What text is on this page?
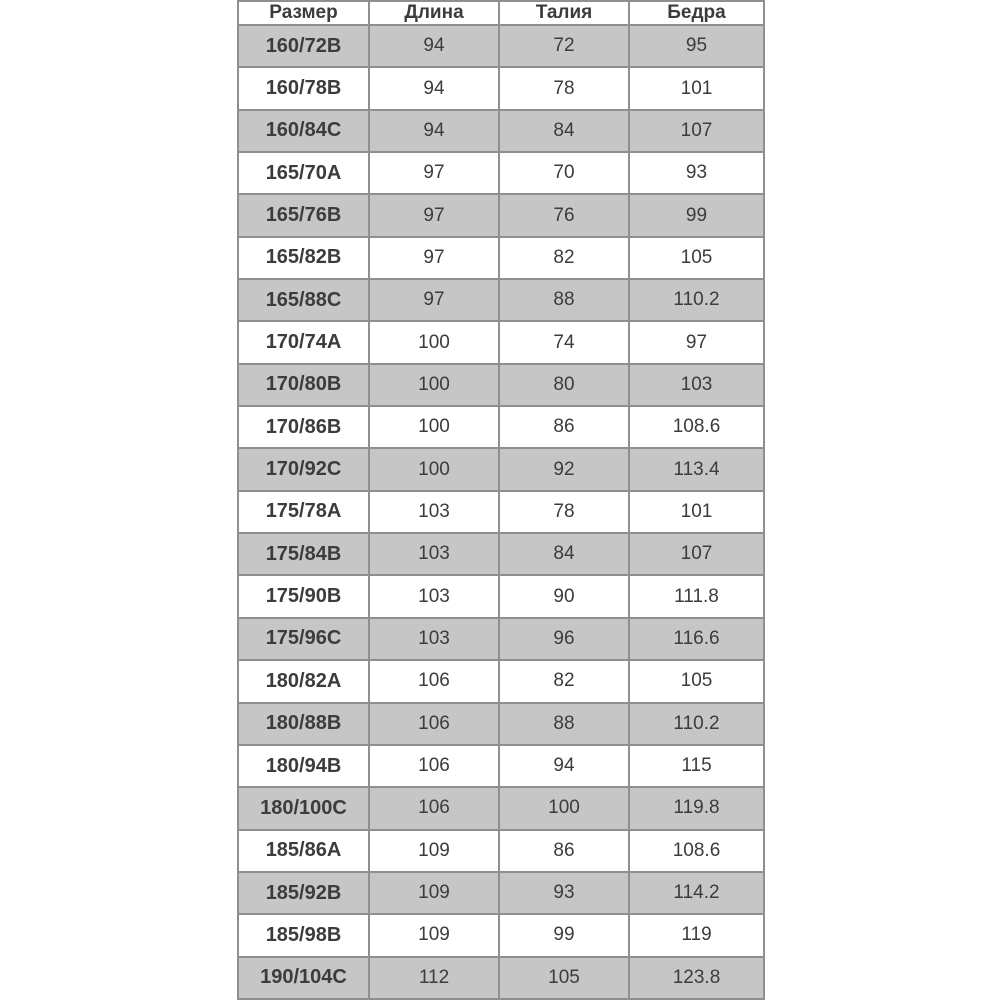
Размер	Длина	Талия	Бедра
160/72B	94	72	95
160/78B	94	78	101
160/84C	94	84	107
165/70A	97	70	93
165/76B	97	76	99
165/82B	97	82	105
165/88C	97	88	110.2
170/74A	100	74	97
170/80B	100	80	103
170/86B	100	86	108.6
170/92C	100	92	113.4
175/78A	103	78	101
175/84B	103	84	107
175/90B	103	90	111.8
175/96C	103	96	116.6
180/82A	106	82	105
180/88B	106	88	110.2
180/94B	106	94	115
180/100C	106	100	119.8
185/86A	109	86	108.6
185/92B	109	93	114.2
185/98B	109	99	119
190/104C	112	105	123.8
